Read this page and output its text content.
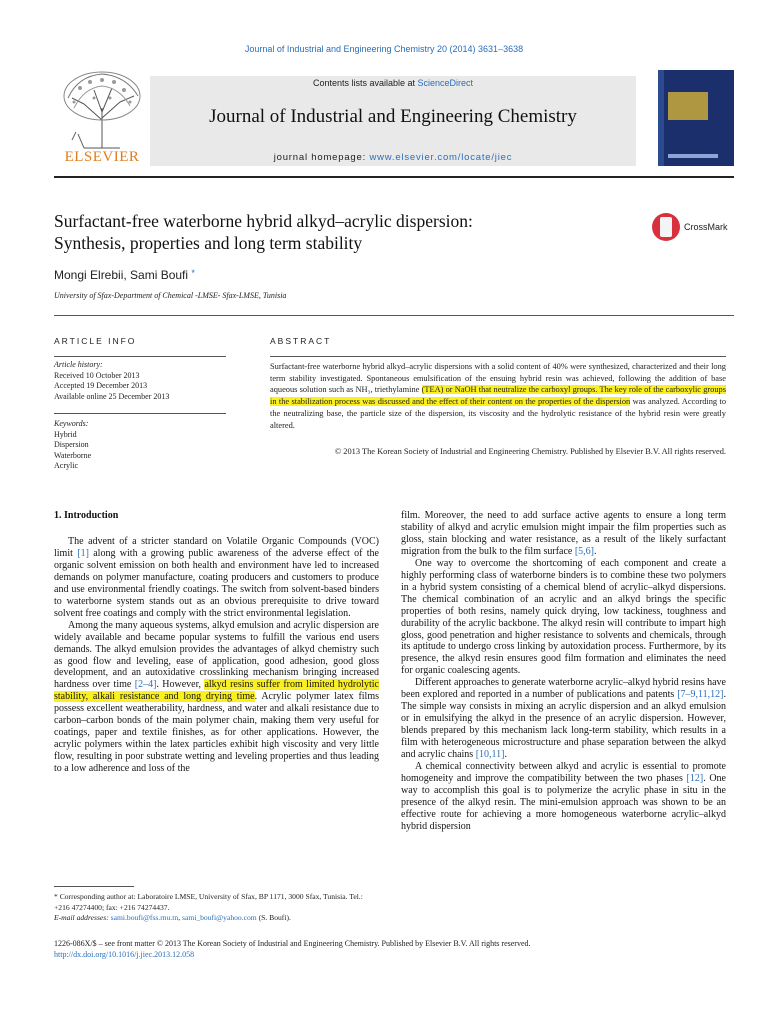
Journal of Industrial and Engineering Chemistry 20 (2014) 3631–3638
ELSEVIER
Contents lists available at ScienceDirect
Journal of Industrial and Engineering Chemistry
journal homepage: www.elsevier.com/locate/jiec
Surfactant-free waterborne hybrid alkyd–acrylic dispersion:
Synthesis, properties and long term stability
CrossMark
Mongi Elrebii, Sami Boufi *
University of Sfax-Department of Chemical -LMSE- Sfax-LMSE, Tunisia
ARTICLE INFO	ABSTRACT
Article history:
Received 10 October 2013
Accepted 19 December 2013
Available online 25 December 2013
Keywords:
Hybrid
Dispersion
Waterborne
Acrylic
Surfactant-free waterborne hybrid alkyd–acrylic dispersions with a solid content of 40% were synthesized, characterized and their long term stability investigated. Spontaneous emulsification of the ensuing hybrid resin was achieved, following the addition of base aqueous solution such as NH₃, triethylamine (TEA) or NaOH that neutralize the carboxyl groups. The key role of the carboxylic groups in the stabilization process was discussed and the effect of their content on the properties of the dispersion was analyzed. According to the neutralizing base, the particle size of the dispersion, its viscosity and the hydrolytic resistance of the hybrid resin were greatly altered.
© 2013 The Korean Society of Industrial and Engineering Chemistry. Published by Elsevier B.V. All rights reserved.
1. Introduction

The advent of a stricter standard on Volatile Organic Compounds (VOC) limit [1] along with a growing public awareness of the adverse effect of the organic solvent emission on both health and environment have led to increased demands on polymer manufacture, coating producers and customers to produce and use environmental friendly coatings. The switch from solvent-based binders to waterborne system stands out as an obvious prerequisite to drive toward solvent free coatings and comply with the strict environmental legislation.

Among the many aqueous systems, alkyd emulsion and acrylic dispersion are widely available and became popular systems to fulfill the various end users demands. The alkyd emulsion provides the advantages of alkyd chemistry such as good flow and leveling, ease of application, good adhesion, good gloss development, and an autoxidative crosslinking mechanism bringing increased hardness over time [2–4]. However, alkyd resins suffer from limited hydrolytic stability, alkali resistance and long drying time. Acrylic polymer latex films possess excellent weatherability, hardness, and water and alkali resistance due to carbon–carbon bonds of the main polymer chain, making them very useful for coatings, paper and textile finishes, as for other applications. However, the acrylic polymers within the latex particles exhibit high viscosity and very little flow, resulting in poor substrate wetting and leveling properties and thus leading to a low adherence and loss of the

film. Moreover, the need to add surface active agents to ensure a long term stability of alkyd and acrylic emulsion might impair the film properties such as gloss, stain blocking and water resistance, as a result of the likely surfactant migration from the bulk to the film surface [5,6].

One way to overcome the shortcoming of each component and create a highly performing class of waterborne binders is to combine these two polymers in a hybrid system consisting of a chemical blend of acrylic–alkyd dispersions. The chemical combination of an acrylic and an alkyd brings the specific properties of both resins, namely quick drying, low tackiness, toughness and durability of the acrylic backbone. The alkyd resin will contribute to impart high gloss, good penetration and higher resistance to solvents and chemicals, through its aptitude to undergo cross linking by autoxidation process. Furthermore, by its presence, the alkyd resin ensures good film formation and eliminates the need for organic coalescing agents.

Different approaches to generate waterborne acrylic–alkyd hybrid resins have been explored and reported in a number of publications and patents [7–9,11,12]. The simple way consists in mixing an acrylic dispersion and an alkyd emulsion or in emulsifying the alkyd in the presence of an acrylic dispersion. However, blends prepared by this mechanism lack long-term stability, which results in a film with heterogeneous microstructure and phase separation between the alkyd and acrylic chains [10,11].

A chemical connectivity between alkyd and acrylic is essential to promote homogeneity and improve the compatibility between the two phases [12]. One way to accomplish this goal is to polymerize the acrylic phase in situ in the presence of the alkyd resin. The mini-emulsion approach was shown to be an effective route for achieving a more homogeneous waterborne acrylic–alkyd hybrid dispersion

* Corresponding author at: Laboratoire LMSE, University of Sfax, BP 1171, 3000 Sfax, Tunisia. Tel.: +216 47274400; fax: +216 74274437.
E-mail addresses: sami.boufi@fss.rnu.tn, sami_boufi@yahoo.com (S. Boufi).
1226-086X/$ – see front matter © 2013 The Korean Society of Industrial and Engineering Chemistry. Published by Elsevier B.V. All rights reserved.
http://dx.doi.org/10.1016/j.jiec.2013.12.058
